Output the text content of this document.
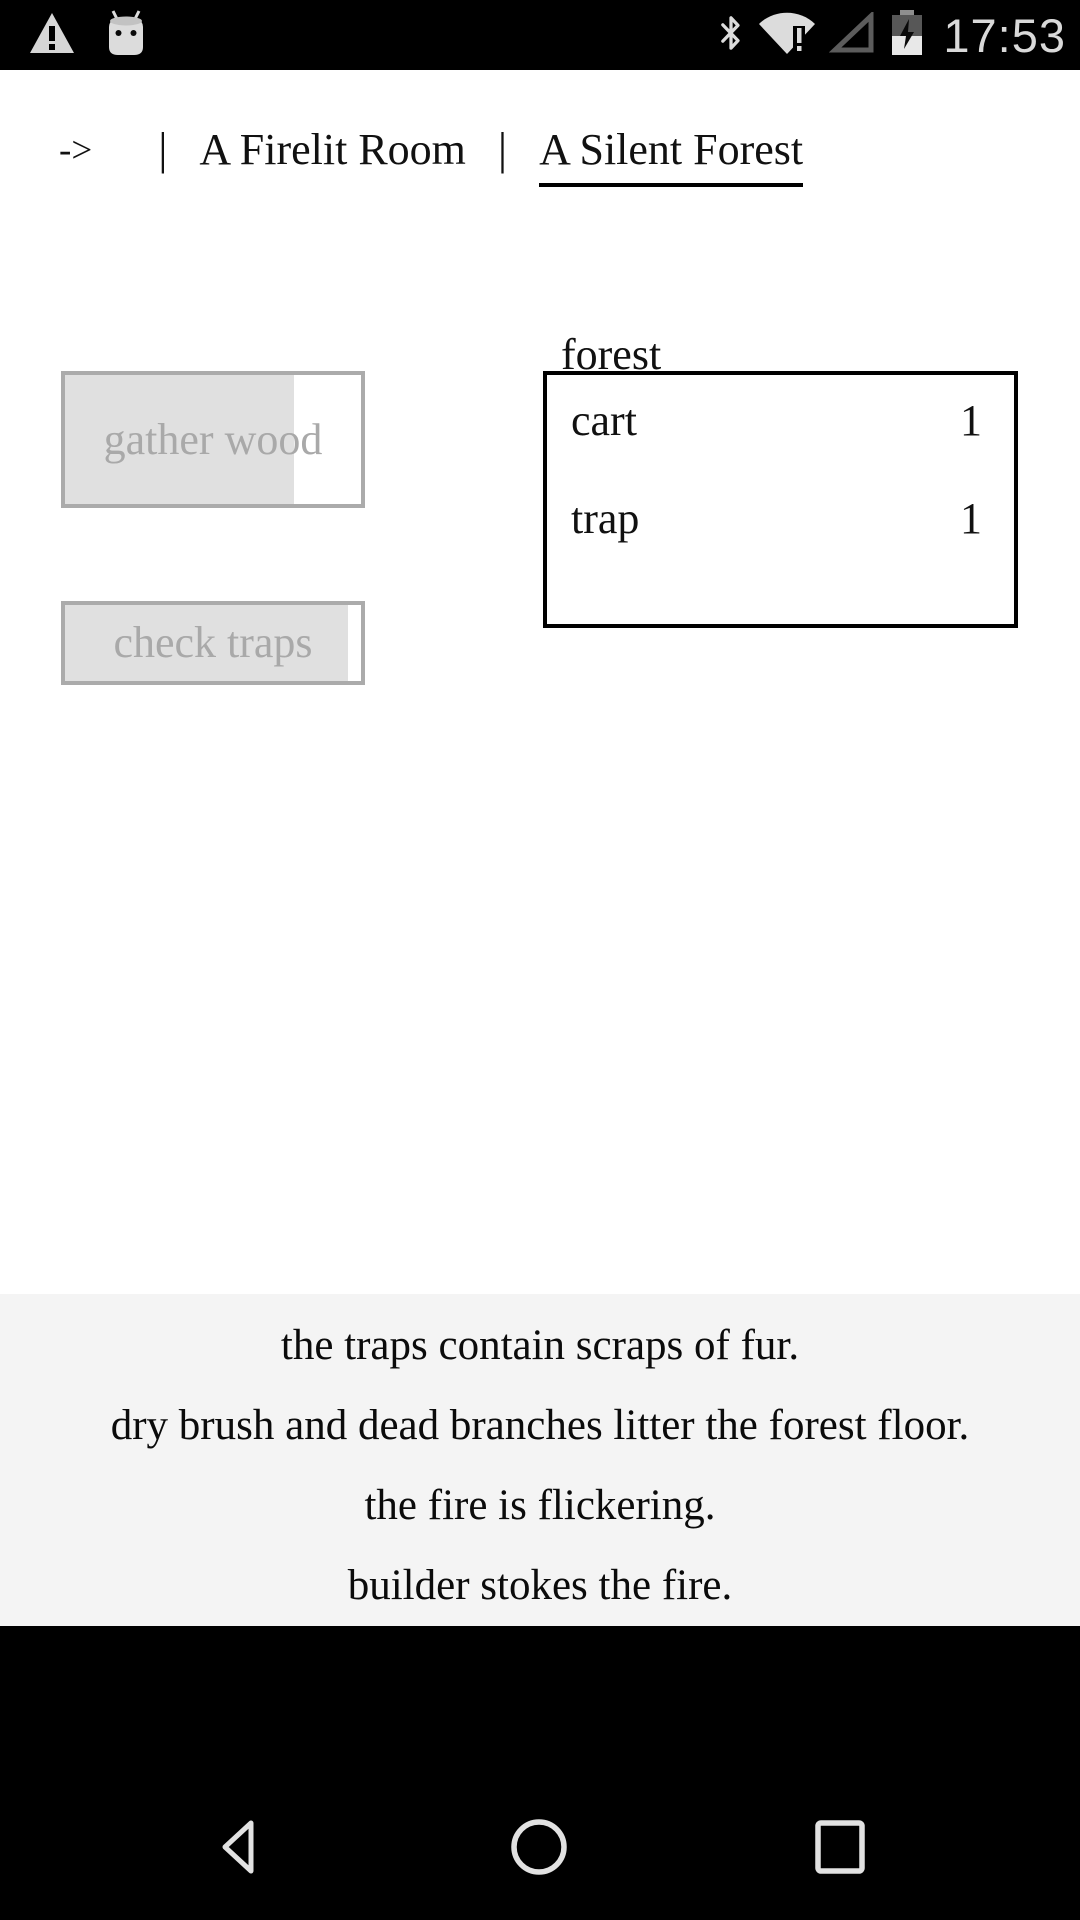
17:53
-> | A Firelit Room | A Silent Forest
gather wood
check traps
forest
cart	1
trap	1

the traps contain scraps of fur.

dry brush and dead branches litter the forest floor.

the fire is flickering.

builder stokes the fire.
